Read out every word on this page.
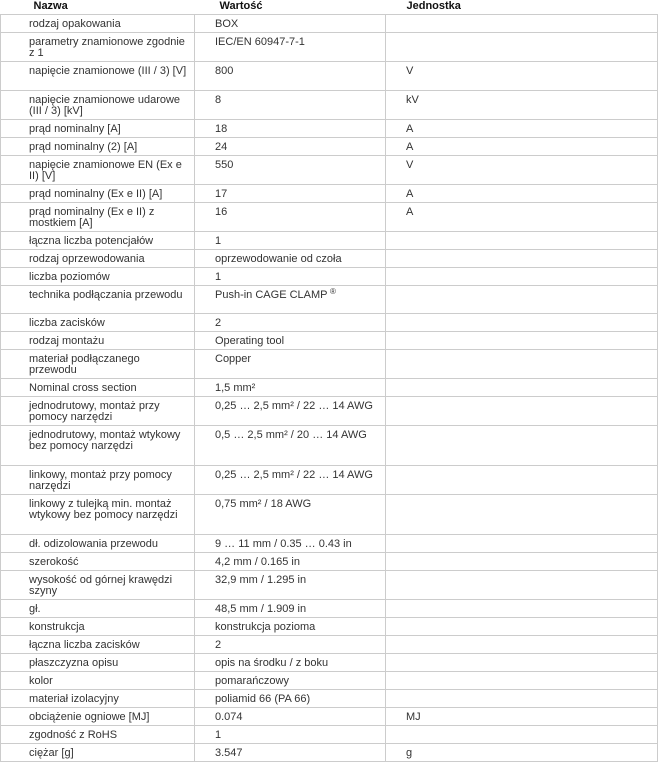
Nazwa	Wartość	Jednostka

rodzaj opakowania	BOX	

parametry znamionowe zgodnie z 1	IEC/EN 60947-7-1	

napięcie znamionowe (III / 3) [V]	800	V

napięcie znamionowe udarowe (III / 3) [kV]	8	kV

prąd nominalny [A]	18	A

prąd nominalny (2) [A]	24	A

napięcie znamionowe EN (Ex e II) [V]	550	V

prąd nominalny (Ex e II) [A]	17	A

prąd nominalny (Ex e II) z mostkiem [A]	16	A

łączna liczba potencjałów	1	

rodzaj oprzewodowania	oprzewodowanie od czoła	

liczba poziomów	1	

technika podłączania przewodu	Push-in CAGE CLAMP ®	

liczba zacisków	2	

rodzaj montażu	Operating tool	

materiał podłączanego przewodu	Copper	

Nominal cross section	1,5 mm²	

jednodrutowy, montaż przy pomocy narzędzi	0,25 … 2,5 mm² / 22 … 14 AWG	

jednodrutowy, montaż wtykowy bez pomocy narzędzi	0,5 … 2,5 mm² / 20 … 14 AWG	

linkowy, montaż przy pomocy narzędzi	0,25 … 2,5 mm² / 22 … 14 AWG	

linkowy z tulejką min. montaż wtykowy bez pomocy narzędzi	0,75 mm² / 18 AWG	

dł. odizolowania przewodu	9 … 11 mm / 0.35 … 0.43 in	

szerokość	4,2 mm / 0.165 in	

wysokość od górnej krawędzi szyny	32,9 mm / 1.295 in	

gł.	48,5 mm / 1.909 in	

konstrukcja	konstrukcja pozioma	

łączna liczba zacisków	2	

płaszczyzna opisu	opis na środku / z boku	

kolor	pomarańczowy	

materiał izolacyjny	poliamid 66 (PA 66)	

obciążenie ogniowe [MJ]	0.074	MJ

zgodność z RoHS	1	

ciężar [g]	3.547	g
